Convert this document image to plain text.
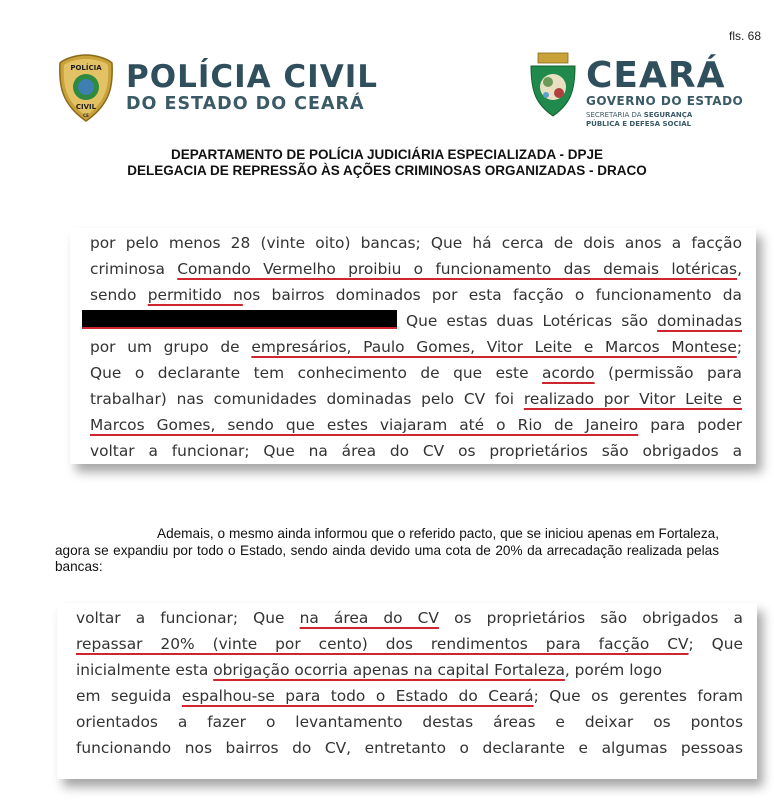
fls. 68
POLÍCIA
CIVIL
CE
POLÍCIA CIVIL
DO ESTADO DO CEARÁ
CEARÁ
GOVERNO DO ESTADO
SECRETARIA DA SEGURANÇA
PÚBLICA E DEFESA SOCIAL
DEPARTAMENTO DE POLÍCIA JUDICIÁRIA ESPECIALIZADA - DPJE
DELEGACIA DE REPRESSÃO ÀS AÇÕES CRIMINOSAS ORGANIZADAS - DRACO
por pelo menos 28 (vinte oito) bancas; Que há cerca de dois anos a facção
criminosa Comando Vermelho proibiu o funcionamento das demais lotéricas,
sendo permitido nos bairros dominados por esta facção o funcionamento da
Que estas duas Lotéricas são dominadas
por um grupo de empresários, Paulo Gomes, Vitor Leite e Marcos Montese;
Que o declarante tem conhecimento de que este acordo (permissão para
trabalhar) nas comunidades dominadas pelo CV foi realizado por Vitor Leite e
Marcos Gomes, sendo que estes viajaram até o Rio de Janeiro para poder
voltar a funcionar; Que na área do CV os proprietários são obrigados a
Ademais, o mesmo ainda informou que o referido pacto, que se iniciou apenas em Fortaleza, agora se expandiu por todo o Estado, sendo ainda devido uma cota de 20% da arrecadação realizada pelas bancas:
voltar a funcionar; Que na área do CV os proprietários são obrigados a
repassar 20% (vinte por cento) dos rendimentos para facção CV; Que
inicialmente esta obrigação ocorria apenas na capital Fortaleza, porém logo
em seguida espalhou-se para todo o Estado do Ceará; Que os gerentes foram
orientados a fazer o levantamento destas áreas e deixar os pontos
funcionando nos bairros do CV, entretanto o declarante e algumas pessoas
